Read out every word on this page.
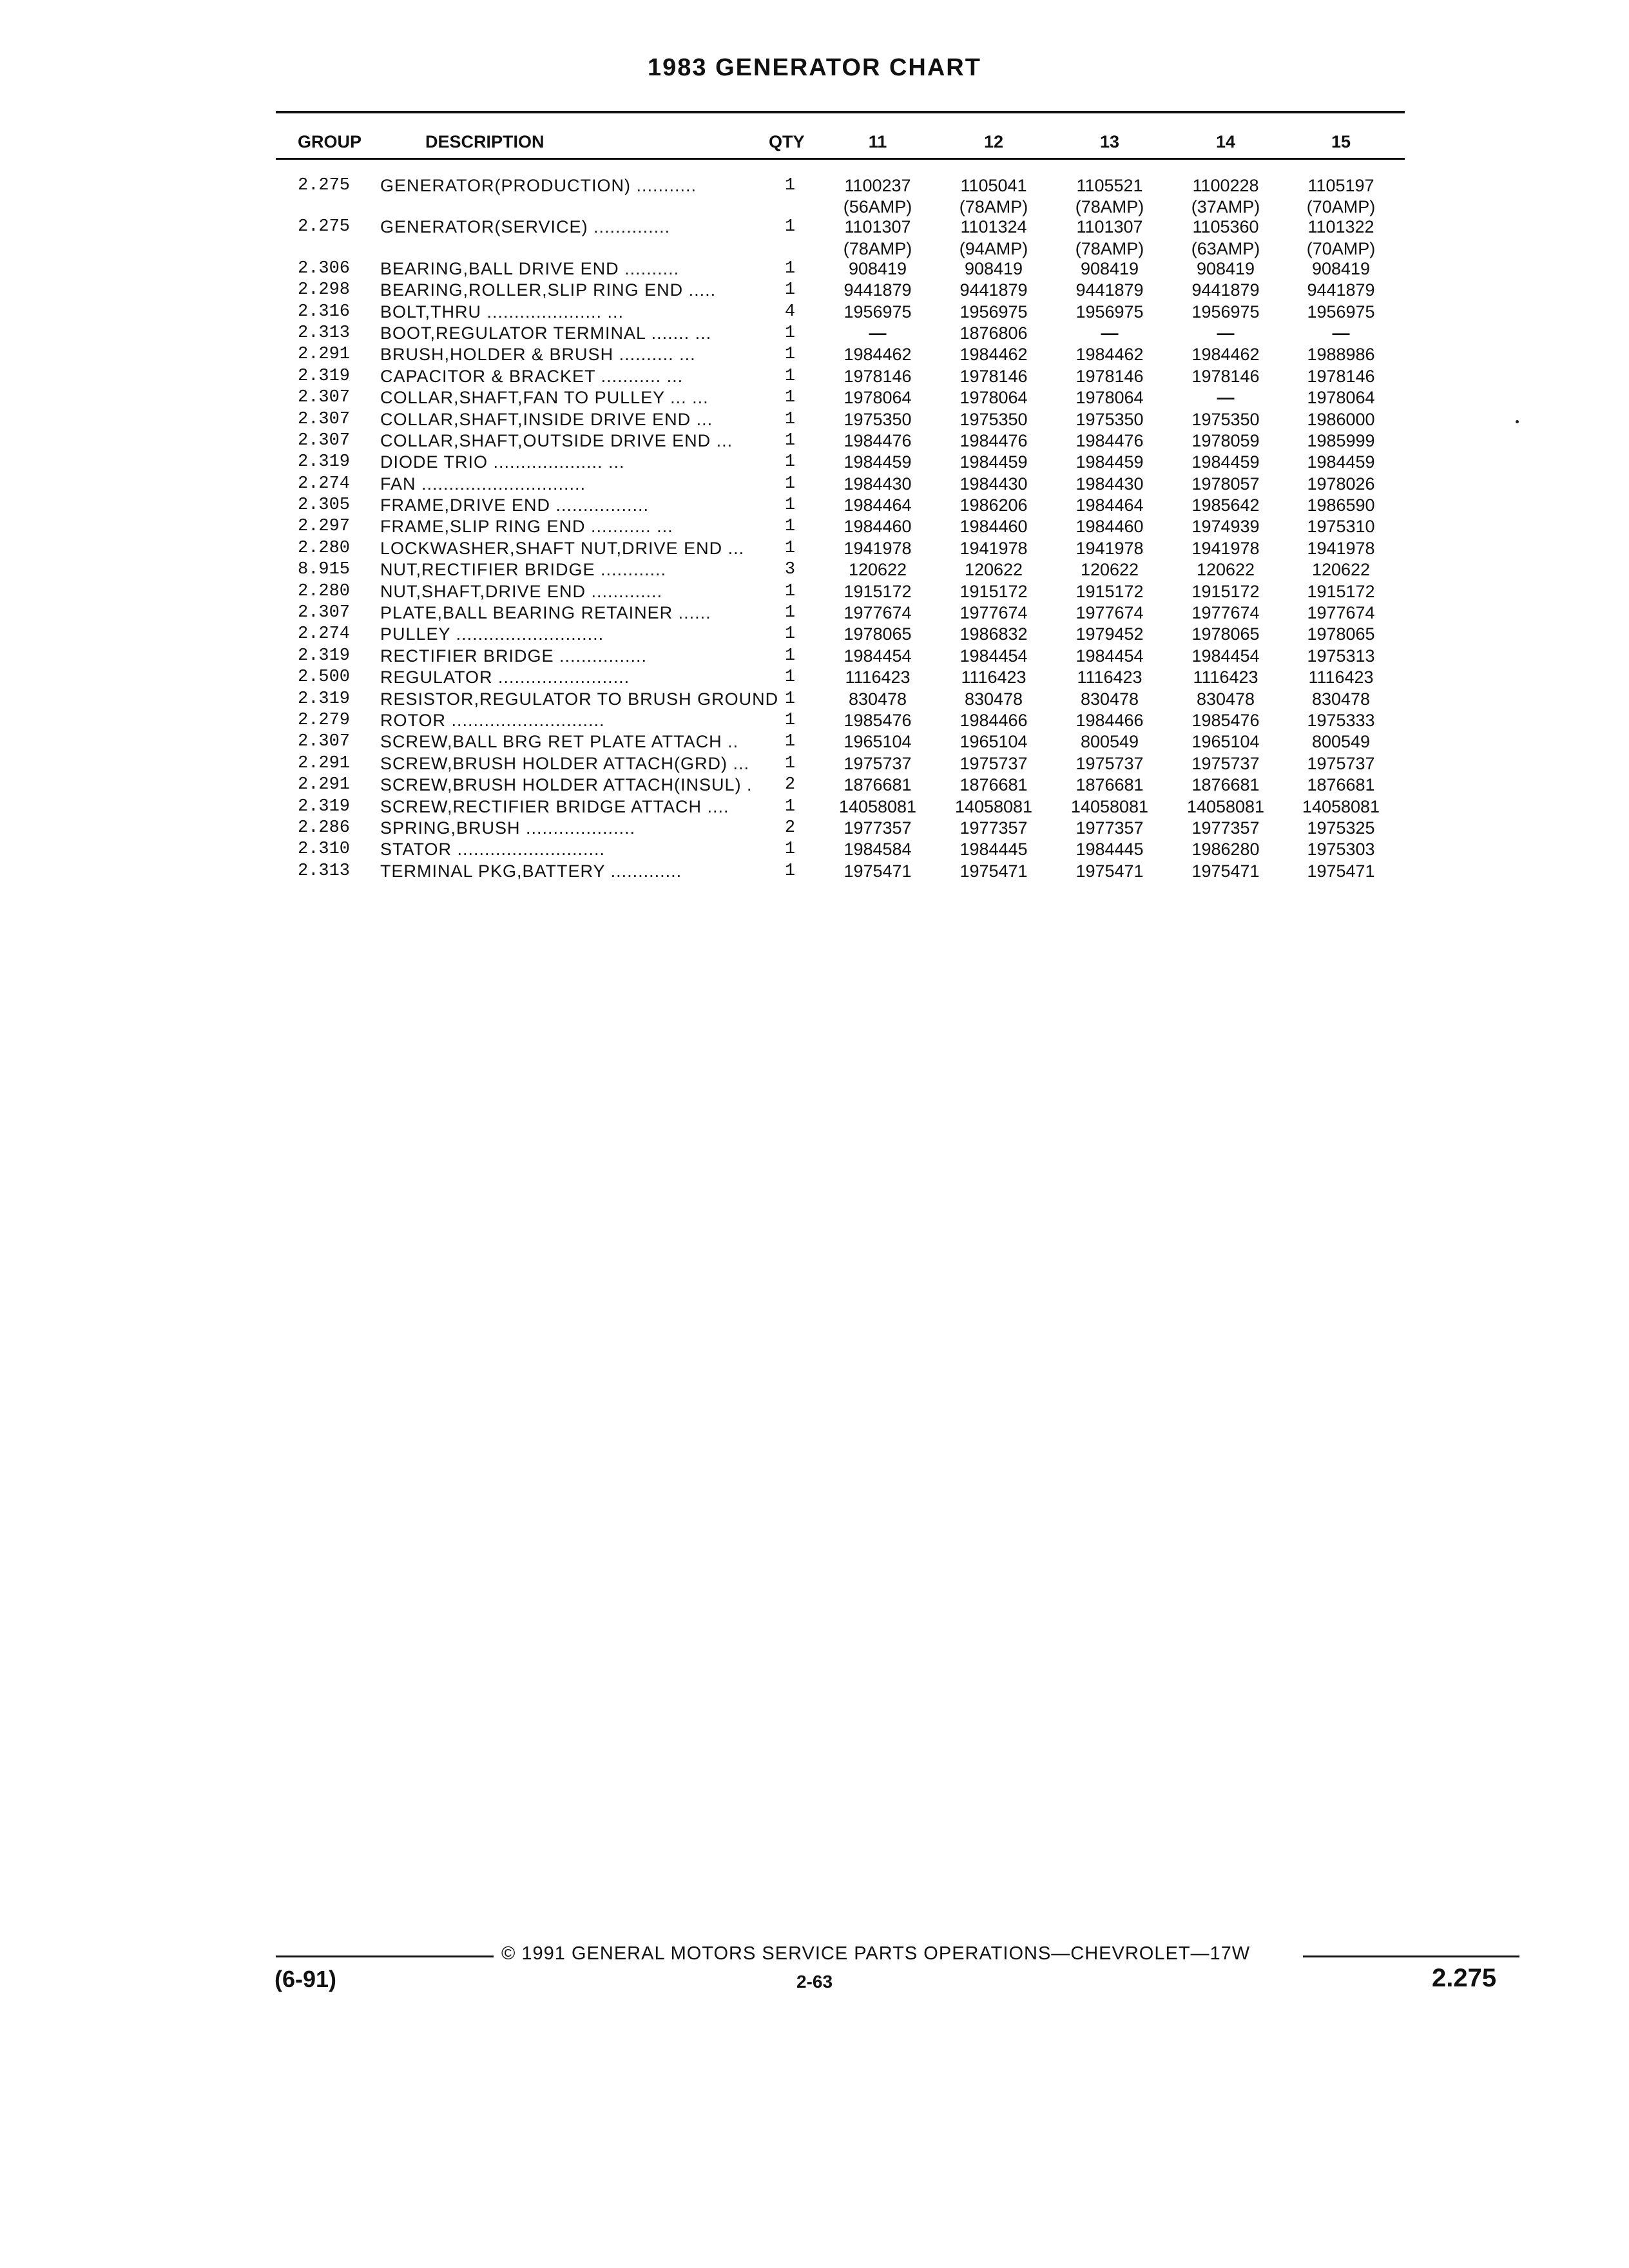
1983 GENERATOR CHART
GROUP	DESCRIPTION	QTY	11	12	13	14	15
2.275 GENERATOR(PRODUCTION) ...........	1	1100237	1105041	1105521	1100228	1105197
(56AMP)	(78AMP)	(78AMP)	(37AMP)	(70AMP)
2.275 GENERATOR(SERVICE) ..............	1	1101307	1101324	1101307	1105360	1101322
(78AMP)	(94AMP)	(78AMP)	(63AMP)	(70AMP)
2.306 BEARING,BALL DRIVE END ..........	1	908419	908419	908419	908419	908419
2.298 BEARING,ROLLER,SLIP RING END .....	1	9441879	9441879	9441879	9441879	9441879
2.316 BOLT,THRU ..................... ...	4	1956975	1956975	1956975	1956975	1956975
2.313 BOOT,REGULATOR TERMINAL ....... ...	1	—	1876806	—	—	—
2.291 BRUSH,HOLDER & BRUSH .......... ...	1	1984462	1984462	1984462	1984462	1988986
2.319 CAPACITOR & BRACKET ........... ...	1	1978146	1978146	1978146	1978146	1978146
2.307 COLLAR,SHAFT,FAN TO PULLEY ... ...	1	1978064	1978064	1978064	—	1978064
2.307 COLLAR,SHAFT,INSIDE DRIVE END ...	1	1975350	1975350	1975350	1975350	1986000
2.307 COLLAR,SHAFT,OUTSIDE DRIVE END ...	1	1984476	1984476	1984476	1978059	1985999
2.319 DIODE TRIO .................... ...	1	1984459	1984459	1984459	1984459	1984459
2.274 FAN ..............................	1	1984430	1984430	1984430	1978057	1978026
2.305 FRAME,DRIVE END .................	1	1984464	1986206	1984464	1985642	1986590
2.297 FRAME,SLIP RING END ........... ...	1	1984460	1984460	1984460	1974939	1975310
2.280 LOCKWASHER,SHAFT NUT,DRIVE END ...	1	1941978	1941978	1941978	1941978	1941978
8.915 NUT,RECTIFIER BRIDGE ............	3	120622	120622	120622	120622	120622
2.280 NUT,SHAFT,DRIVE END .............	1	1915172	1915172	1915172	1915172	1915172
2.307 PLATE,BALL BEARING RETAINER ......	1	1977674	1977674	1977674	1977674	1977674
2.274 PULLEY ...........................	1	1978065	1986832	1979452	1978065	1978065
2.319 RECTIFIER BRIDGE ................	1	1984454	1984454	1984454	1984454	1975313
2.500 REGULATOR ........................	1	1116423	1116423	1116423	1116423	1116423
2.319 RESISTOR,REGULATOR TO BRUSH GROUND 1	830478	830478	830478	830478	830478
2.279 ROTOR ............................	1	1985476	1984466	1984466	1985476	1975333
2.307 SCREW,BALL BRG RET PLATE ATTACH ..	1	1965104	1965104	800549	1965104	800549
2.291 SCREW,BRUSH HOLDER ATTACH(GRD) ...	1	1975737	1975737	1975737	1975737	1975737
2.291 SCREW,BRUSH HOLDER ATTACH(INSUL) .	2	1876681	1876681	1876681	1876681	1876681
2.319 SCREW,RECTIFIER BRIDGE ATTACH ....	1	14058081	14058081	14058081	14058081	14058081
2.286 SPRING,BRUSH ....................	2	1977357	1977357	1977357	1977357	1975325
2.310 STATOR ...........................	1	1984584	1984445	1984445	1986280	1975303
2.313 TERMINAL PKG,BATTERY .............	1	1975471	1975471	1975471	1975471	1975471
© 1991 GENERAL MOTORS SERVICE PARTS OPERATIONS—CHEVROLET—17W
(6-91)	2-63	2.275
